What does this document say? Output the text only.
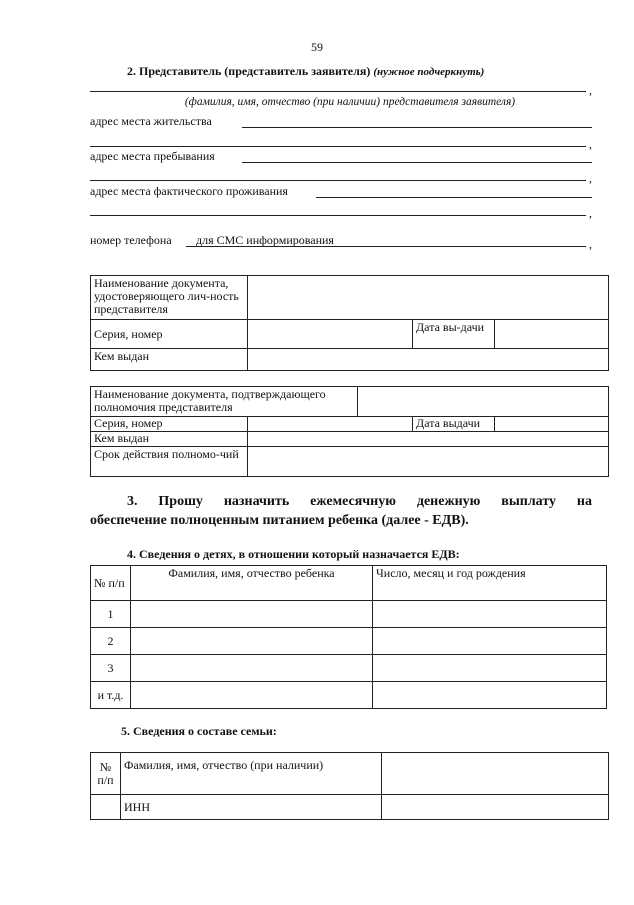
59
2. Представитель (представитель заявителя) (нужное подчеркнуть)
,
(фамилия, имя, отчество (при наличии) представителя заявителя)
адрес места жительства
,
адрес места пребывания
,
адрес места фактического проживания
,
номер телефона для СМС информирования	,
Наименование документа, удостоверяющего лич-ность представителя			
Серия, номер		Дата вы-дачи	
Кем выдан			
Наименование документа, подтверждающего полномочия представителя				
Серия, номер			Дата выдачи	
Кем выдан				
Срок действия полномо-чий				
3.   Прошу   назначить   ежемесячную   денежную   выплату   на
обеспечение полноценным питанием ребенка (далее - ЕДВ).
4. Сведения о детях, в отношении который назначается ЕДВ:
№ п/п	Фамилия, имя, отчество ребенка	Число, месяц и год рождения
1		
2		
3		
и т.д.		
5. Сведения о составе семьи:
№ п/п	Фамилия, имя, отчество (при наличии)	
	ИНН	
